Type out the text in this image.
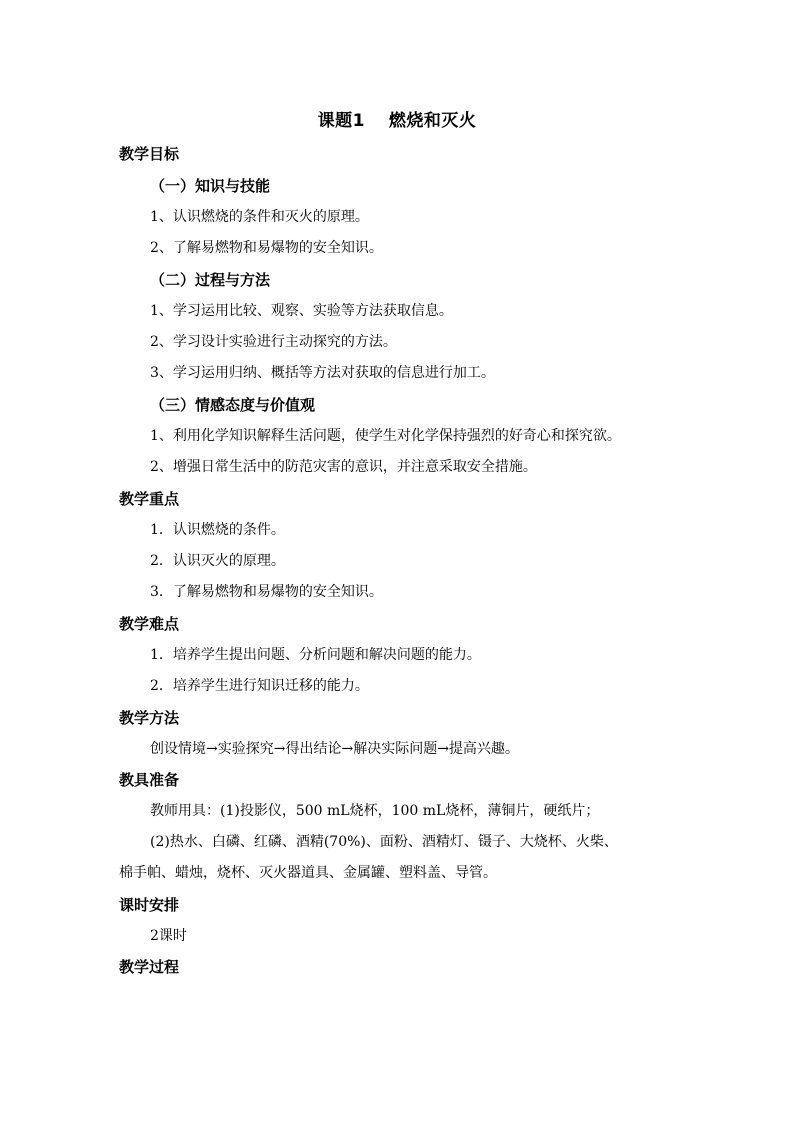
课题1 燃烧和灭火
教学目标
（一）知识与技能
1、认识燃烧的条件和灭火的原理。
2、了解易燃物和易爆物的安全知识。
（二）过程与方法
1、学习运用比较、观察、实验等方法获取信息。
2、学习设计实验进行主动探究的方法。
3、学习运用归纳、概括等方法对获取的信息进行加工。
（三）情感态度与价值观
1、利用化学知识解释生活问题，使学生对化学保持强烈的好奇心和探究欲。
2、增强日常生活中的防范灾害的意识，并注意采取安全措施。
教学重点
1．认识燃烧的条件。
2．认识灭火的原理。
3．了解易燃物和易爆物的安全知识。
教学难点
1．培养学生提出问题、分析问题和解决问题的能力。
2．培养学生进行知识迁移的能力。
教学方法
创设情境→实验探究→得出结论→解决实际问题→提高兴趣。
教具准备
教师用具：(1)投影仪，500 mL烧杯，100 mL烧杯，薄铜片，硬纸片；
(2)热水、白磷、红磷、酒精(70%)、面粉、酒精灯、镊子、大烧杯、火柴、
棉手帕、蜡烛，烧杯、灭火器道具、金属罐、塑料盖、导管。
课时安排
2课时
教学过程
